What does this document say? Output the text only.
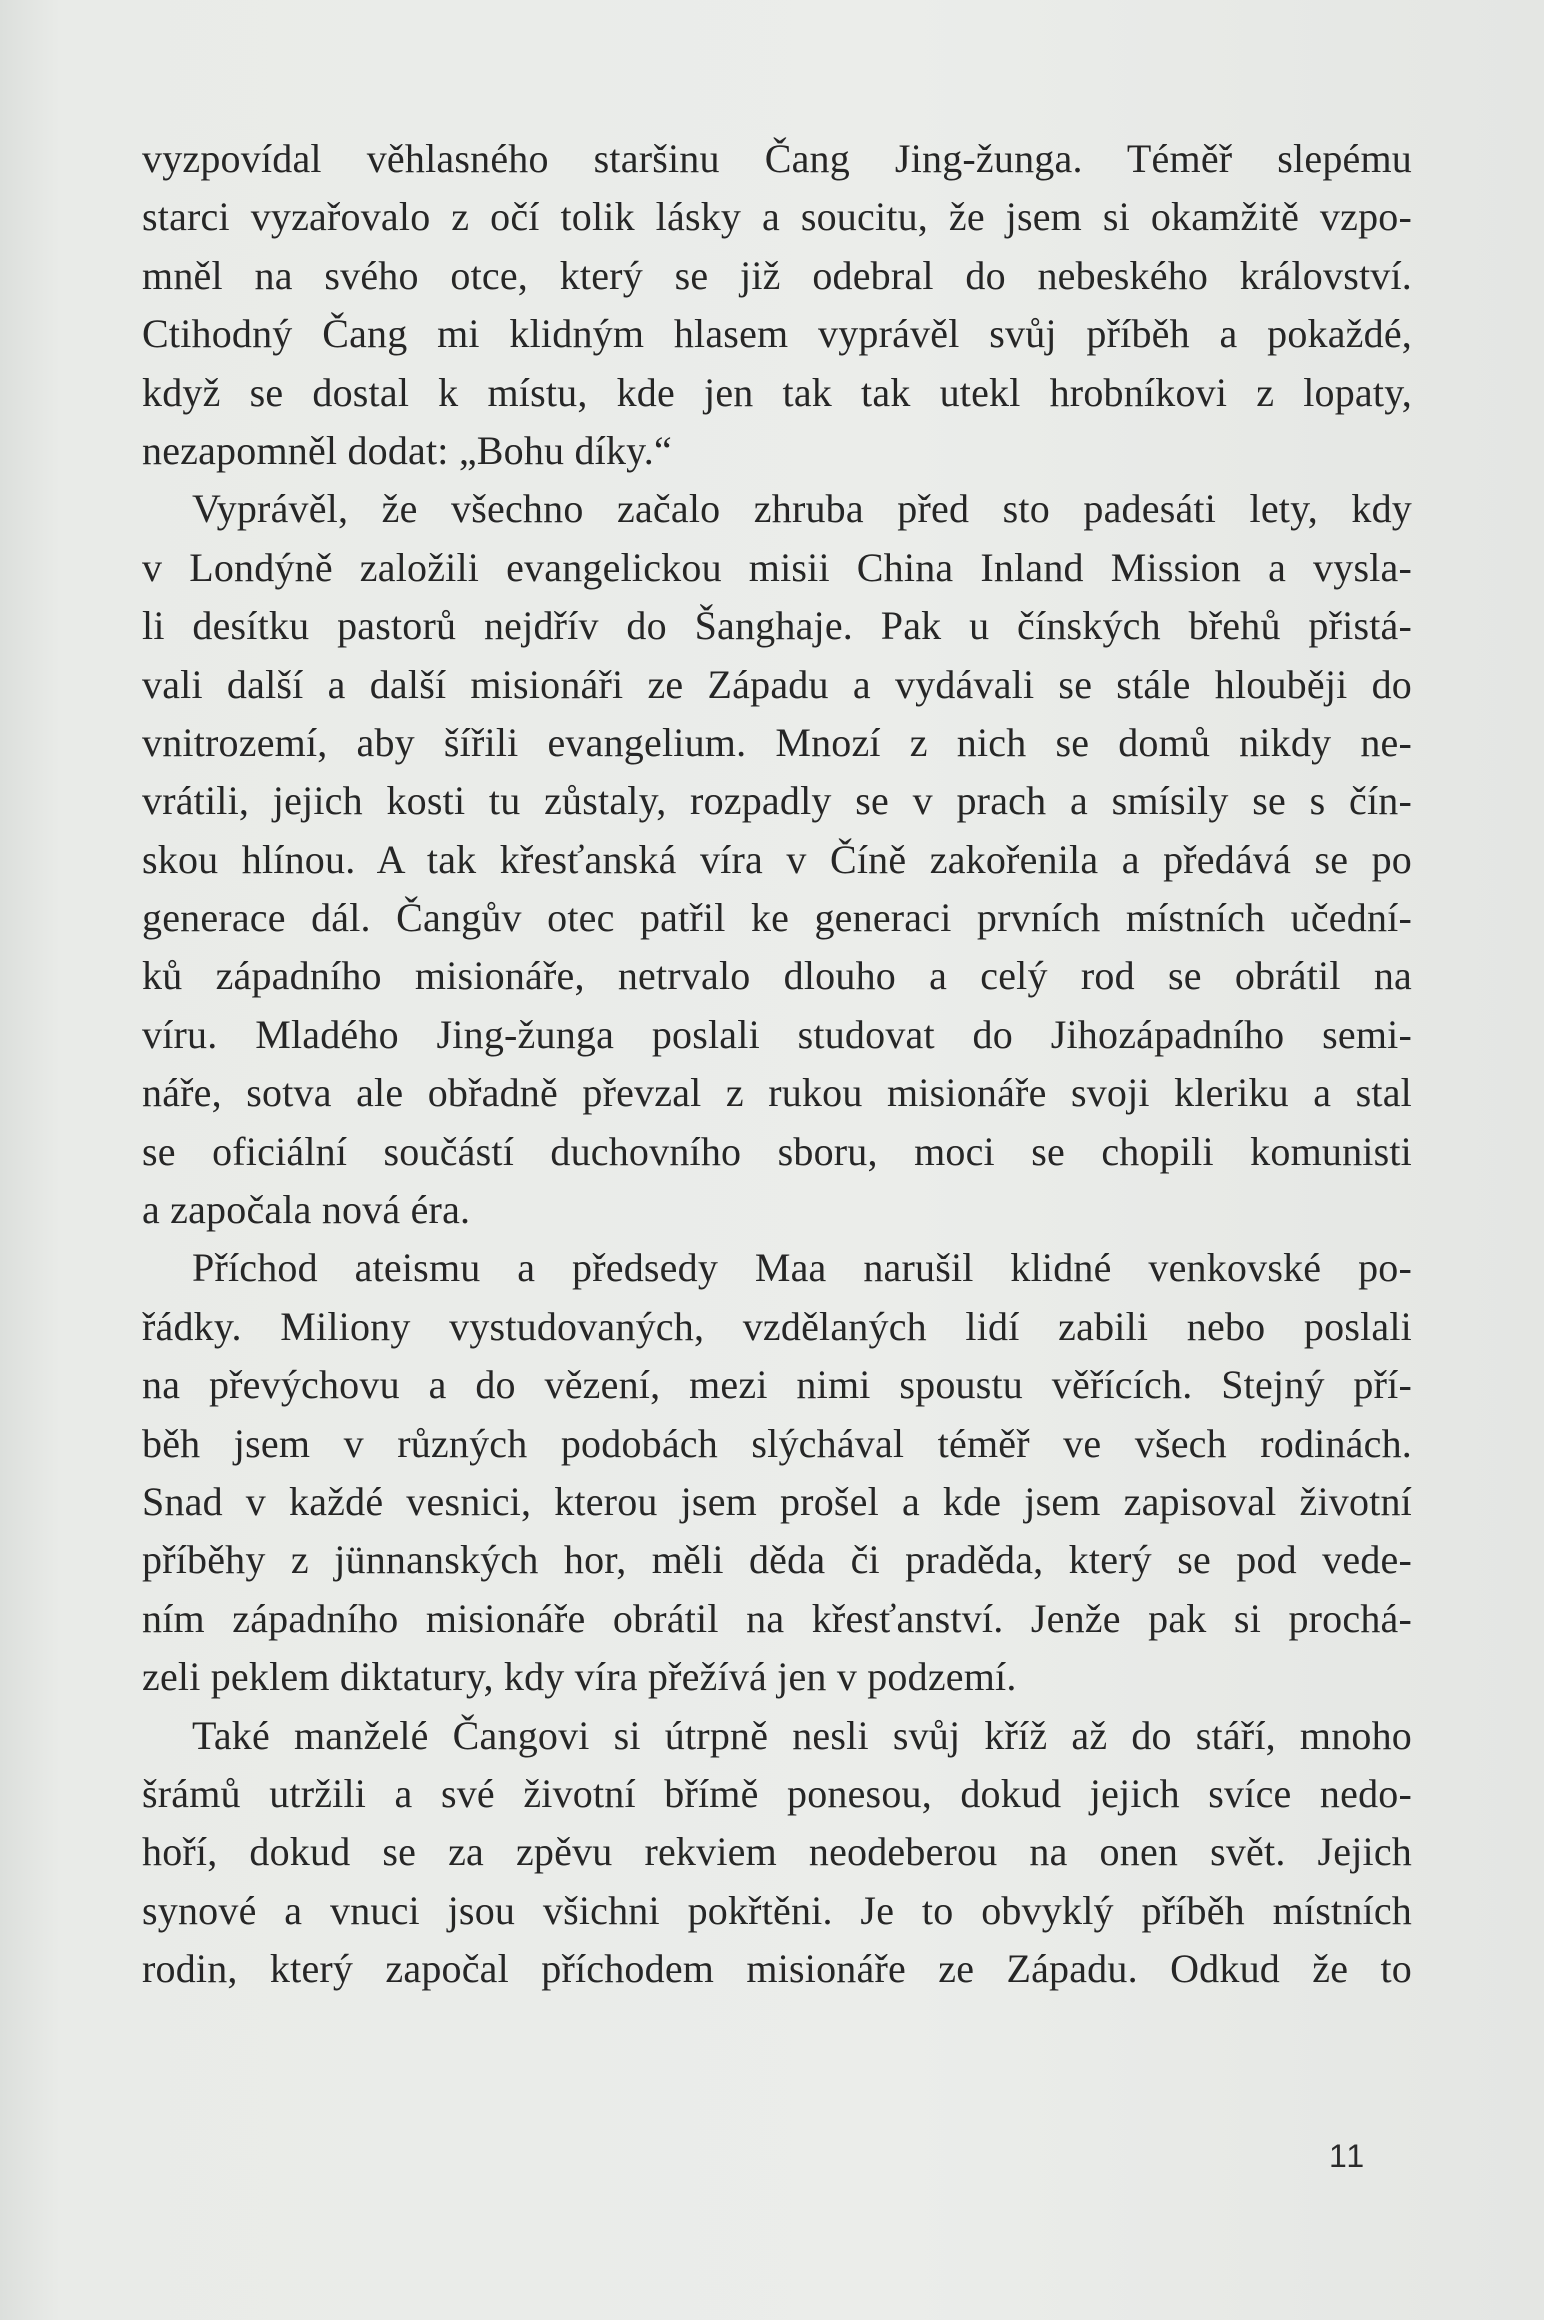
vyzpovídal věhlasného staršinu Čang Jing-žunga. Téměř slepému
starci vyzařovalo z očí tolik lásky a soucitu, že jsem si okamžitě vzpo-
mněl na svého otce, který se již odebral do nebeského království.
Ctihodný Čang mi klidným hlasem vyprávěl svůj příběh a pokaždé,
když se dostal k místu, kde jen tak tak utekl hrobníkovi z lopaty,
nezapomněl dodat: „Bohu díky.“
Vyprávěl, že všechno začalo zhruba před sto padesáti lety, kdy
v Londýně založili evangelickou misii China Inland Mission a vysla-
li desítku pastorů nejdřív do Šanghaje. Pak u čínských břehů přistá-
vali další a další misionáři ze Západu a vydávali se stále hlouběji do
vnitrozemí, aby šířili evangelium. Mnozí z nich se domů nikdy ne-
vrátili, jejich kosti tu zůstaly, rozpadly se v prach a smísily se s čín-
skou hlínou. A tak křesťanská víra v Číně zakořenila a předává se po
generace dál. Čangův otec patřil ke generaci prvních místních učední-
ků západního misionáře, netrvalo dlouho a celý rod se obrátil na
víru. Mladého Jing-žunga poslali studovat do Jihozápadního semi-
náře, sotva ale obřadně převzal z rukou misionáře svoji kleriku a stal
se oficiální součástí duchovního sboru, moci se chopili komunisti
a započala nová éra.
Příchod ateismu a předsedy Maa narušil klidné venkovské po-
řádky. Miliony vystudovaných, vzdělaných lidí zabili nebo poslali
na převýchovu a do vězení, mezi nimi spoustu věřících. Stejný pří-
běh jsem v různých podobách slýchával téměř ve všech rodinách.
Snad v každé vesnici, kterou jsem prošel a kde jsem zapisoval životní
příběhy z jünnanských hor, měli děda či praděda, který se pod vede-
ním západního misionáře obrátil na křesťanství. Jenže pak si prochá-
zeli peklem diktatury, kdy víra přežívá jen v podzemí.
Také manželé Čangovi si útrpně nesli svůj kříž až do stáří, mnoho
šrámů utržili a své životní břímě ponesou, dokud jejich svíce nedo-
hoří, dokud se za zpěvu rekviem neodeberou na onen svět. Jejich
synové a vnuci jsou všichni pokřtěni. Je to obvyklý příběh místních
rodin, který započal příchodem misionáře ze Západu. Odkud že to
11
